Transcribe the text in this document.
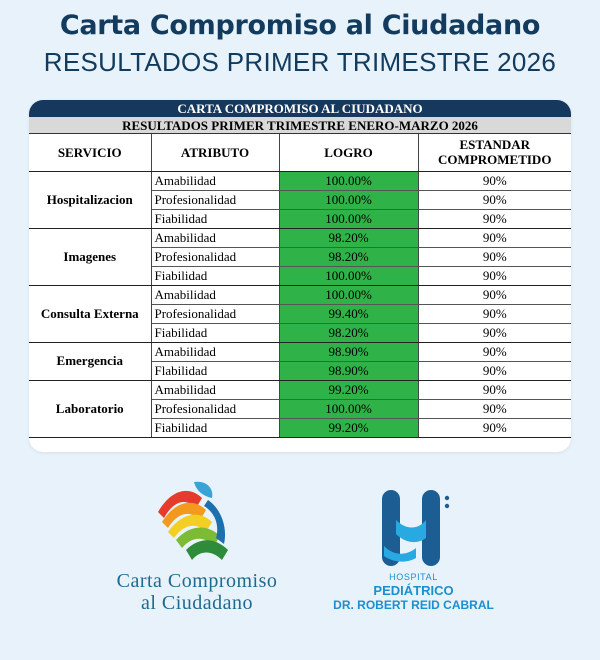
Carta Compromiso al Ciudadano
RESULTADOS PRIMER TRIMESTRE 2026
CARTA COMPROMISO AL CIUDADANO
RESULTADOS PRIMER TRIMESTRE ENERO-MARZO 2026
SERVICIO	ATRIBUTO	LOGRO	ESTANDAR
COMPROMETIDO
Hospitalizacion	Amabilidad	100.00%	90%
	Profesionalidad	100.00%	90%
	Fiabilidad	100.00%	90%
Imagenes	Amabilidad	98.20%	90%
	Profesionalidad	98.20%	90%
	Fiabilidad	100.00%	90%
Consulta Externa	Amabilidad	100.00%	90%
	Profesionalidad	99.40%	90%
	Fiabilidad	98.20%	90%
Emergencia	Amabilidad	98.90%	90%
	Flabilidad	98.90%	90%
Laboratorio	Amabilidad	99.20%	90%
	Profesionalidad	100.00%	90%
	Fiabilidad	99.20%	90%
Carta Compromiso
al Ciudadano
HOSPITAL
PEDIÁTRICO
DR. ROBERT REID CABRAL
